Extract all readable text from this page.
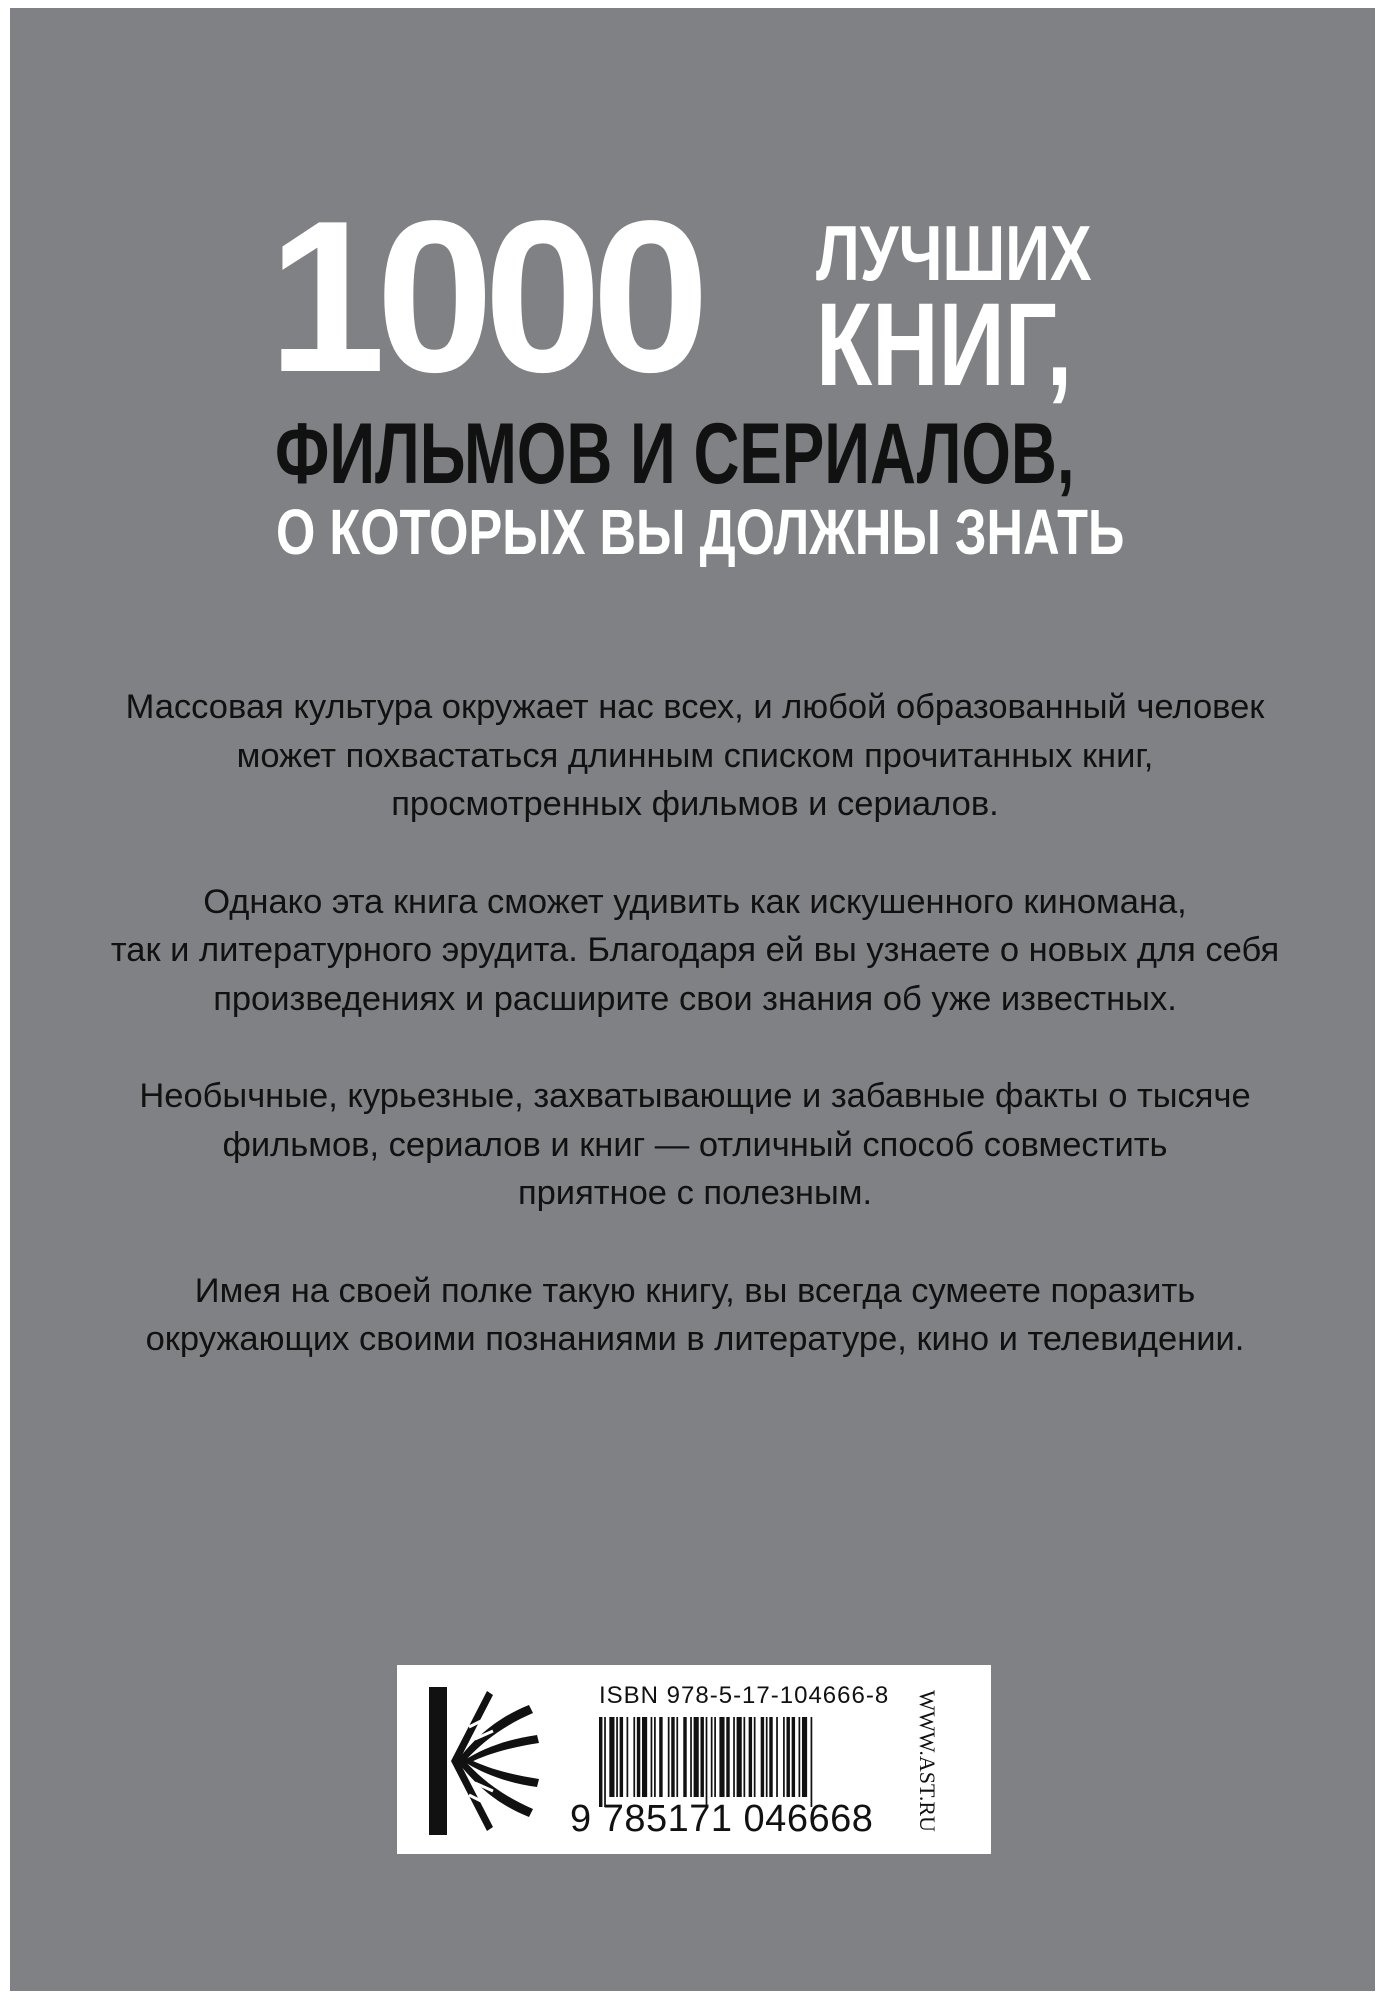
1000 ЛУЧШИХ
КНИГ,
ФИЛЬМОВ И СЕРИАЛОВ,
О КОТОРЫХ ВЫ ДОЛЖНЫ ЗНАТЬ

Массовая культура окружает нас всех, и любой образованный человек
может похвастаться длинным списком прочитанных книг,
просмотренных фильмов и сериалов.

Однако эта книга сможет удивить как искушенного киномана,
так и литературного эрудита. Благодаря ей вы узнаете о новых для себя
произведениях и расширите свои знания об уже известных.

Необычные, курьезные, захватывающие и забавные факты о тысяче
фильмов, сериалов и книг — отличный способ совместить
приятное с полезным.

Имея на своей полке такую книгу, вы всегда сумеете поразить
окружающих своими познаниями в литературе, кино и телевидении.

ISBN 978-5-17-104666-8
9 785171 046668 WWW.AST.RU
